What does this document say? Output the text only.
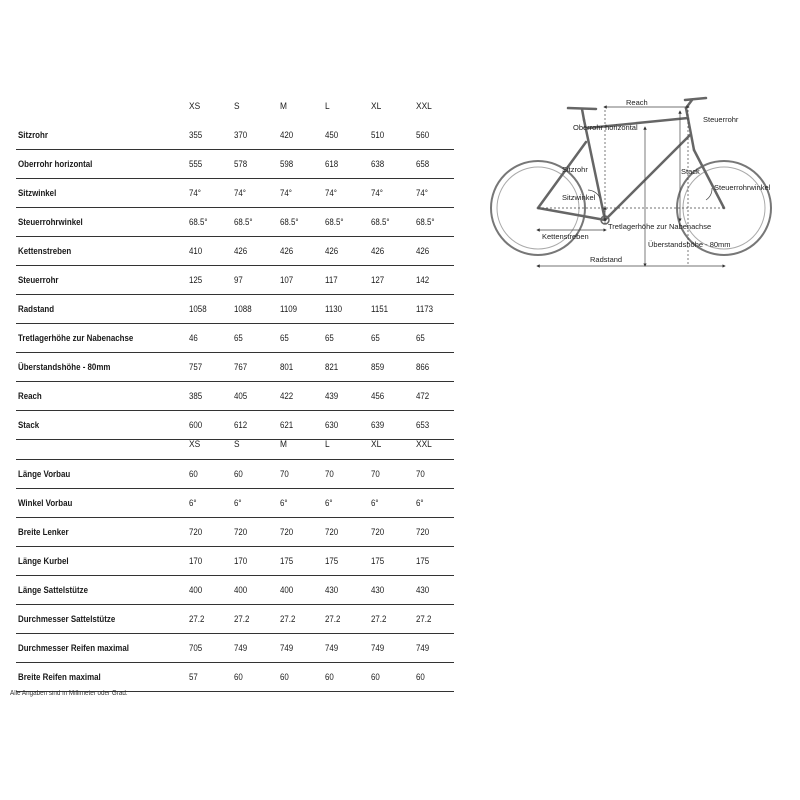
XS	S	M	L	XL	XXL
Sitzrohr	355	370	420	450	510	560
Oberrohr horizontal	555	578	598	618	638	658
Sitzwinkel	74°	74°	74°	74°	74°	74°
Steuerrohrwinkel	68.5°	68.5°	68.5°	68.5°	68.5°	68.5°
Kettenstreben	410	426	426	426	426	426
Steuerrohr	125	97	107	117	127	142
Radstand	1058	1088	1109	1130	1151	1173
Tretlagerhöhe zur Nabenachse	46	65	65	65	65	65
Überstandshöhe - 80mm	757	767	801	821	859	866
Reach	385	405	422	439	456	472
Stack	600	612	621	630	639	653
XS	S	M	L	XL	XXL
Länge Vorbau	60	60	70	70	70	70
Winkel Vorbau	6°	6°	6°	6°	6°	6°
Breite Lenker	720	720	720	720	720	720
Länge Kurbel	170	170	175	175	175	175
Länge Sattelstütze	400	400	400	430	430	430
Durchmesser Sattelstütze	27.2	27.2	27.2	27.2	27.2	27.2
Durchmesser Reifen maximal	705	749	749	749	749	749
Breite Reifen maximal	57	60	60	60	60	60
Alle Angaben sind in Millimeter oder Grad.
Reach
Oberrohr horizontal
Steuerrohr
Sitzrohr	Stack
Steuerrohrwinkel
Sitzwinkel
Tretlagerhöhe zur Nabenachse
Kettenstreben
Überstandshöhe - 80mm
Radstand
